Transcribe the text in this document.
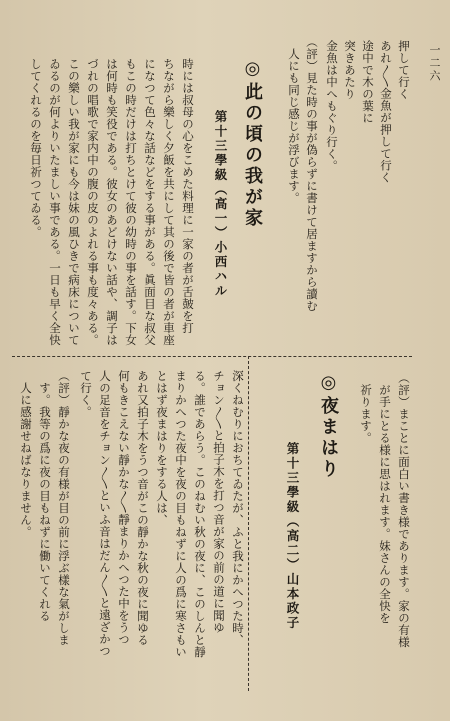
一二六
押して行く
あれ〳〵金魚が押して行く
途中で木の葉に
突きあたり
金魚は中へもぐり行く。
（評）見た時の事が偽らずに書けて居ますから讀む
　人にも同じ感じが浮びます。
◎此の頃の我が家
第十三學級（高一）小西ハル
時には叔母の心をこめた料理に一家の者が舌皷を打
ちながら樂しく夕飯を共にして其の後で皆の者が車座
になつて色々な話などをする事がある。眞面目な叔父
もこの時だけは打ちとけて彼の幼時の事を話す。下女
は何時も笑役である。彼女のあどけない話や、調子は
づれの唱歌で家内中の腹の皮のよれる事も度々ある。
この樂しい我が家にも今は妹の風ひきで病床について
ゐるのが何よりいたましい事である。一日も早く全快
してくれるのを毎日祈つてゐる。
（評）まことに面白い書き様であります。家の有様
　が手にとる様に思はれます。妹さんの全快を
　祈ります。
◎夜まはり
第十三學級（高二）山本政子
深くねむりにおちてゐたが、ふと我にかへつた時、
チョン〳〵と拍子木を打つ音が家の前の道に聞ゆ
る。誰であらう。このねむい秋の夜に、このしんと靜
まりかへつた夜中を夜の目もねずに人の爲に寒さもい
とはず夜まはりをする人は、
あれ又拍子木をうつ音がこの靜かな秋の夜に聞ゆる
何もきこえない靜かな〳〵靜まりかへつた中をうつ
人の足音をチョン〳〵といふ音はだん〳〵と遠ざかつ
て行く。
（評）靜かな夜の有様が目の前に浮ぶ樣な氣がしま
　す。我等の爲に夜の目もねずに働いてくれる
　人に感謝せねばなりません。
